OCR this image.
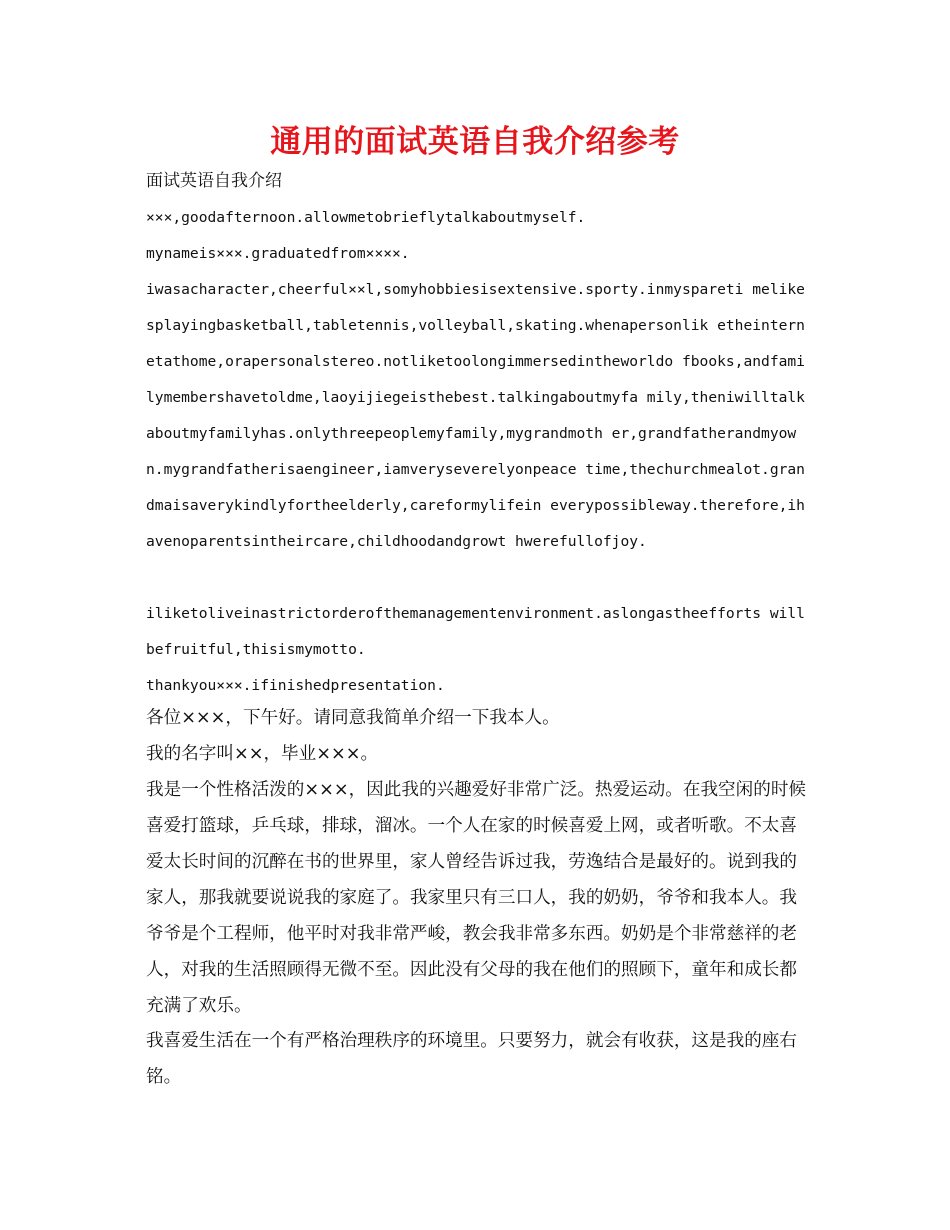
通用的面试英语自我介绍参考
面试英语自我介绍
×××,goodafternoon.allowmetobrieflytalkaboutmyself.
mynameis×××.graduatedfrom××××.
iwasacharacter,cheerful××l,somyhobbiesisextensive.sporty.inmyspareti melikesplayingbasketball,tabletennis,volleyball,skating.whenapersonlik etheinternetathome,orapersonalstereo.notliketoolongimmersedintheworldo fbooks,andfamilymembershavetoldme,laoyijiegeisthebest.talkingaboutmyfa mily,theniwilltalkaboutmyfamilyhas.onlythreepeoplemyfamily,mygrandmoth er,grandfatherandmyown.mygrandfatherisaengineer,iamveryseverelyonpeace time,thechurchmealot.grandmaisaverykindlyfortheelderly,careformylifein everypossibleway.therefore,ihavenoparentsintheircare,childhoodandgrowt hwerefullofjoy.
iliketoliveinastrictorderofthemanagementenvironment.aslongastheefforts willbefruitful,thisismymotto.
thankyou×××.ifinishedpresentation.
各位×××，下午好。请同意我简单介绍一下我本人。
我的名字叫××，毕业×××。
我是一个性格活泼的×××，因此我的兴趣爱好非常广泛。热爱运动。在我空闲的时候喜爱打篮球，乒乓球，排球，溜冰。一个人在家的时候喜爱上网，或者听歌。不太喜爱太长时间的沉醉在书的世界里，家人曾经告诉过我，劳逸结合是最好的。说到我的家人，那我就要说说我的家庭了。我家里只有三口人，我的奶奶，爷爷和我本人。我爷爷是个工程师，他平时对我非常严峻，教会我非常多东西。奶奶是个非常慈祥的老人，对我的生活照顾得无微不至。因此没有父母的我在他们的照顾下，童年和成长都充满了欢乐。
我喜爱生活在一个有严格治理秩序的环境里。只要努力，就会有收获，这是我的座右铭。
